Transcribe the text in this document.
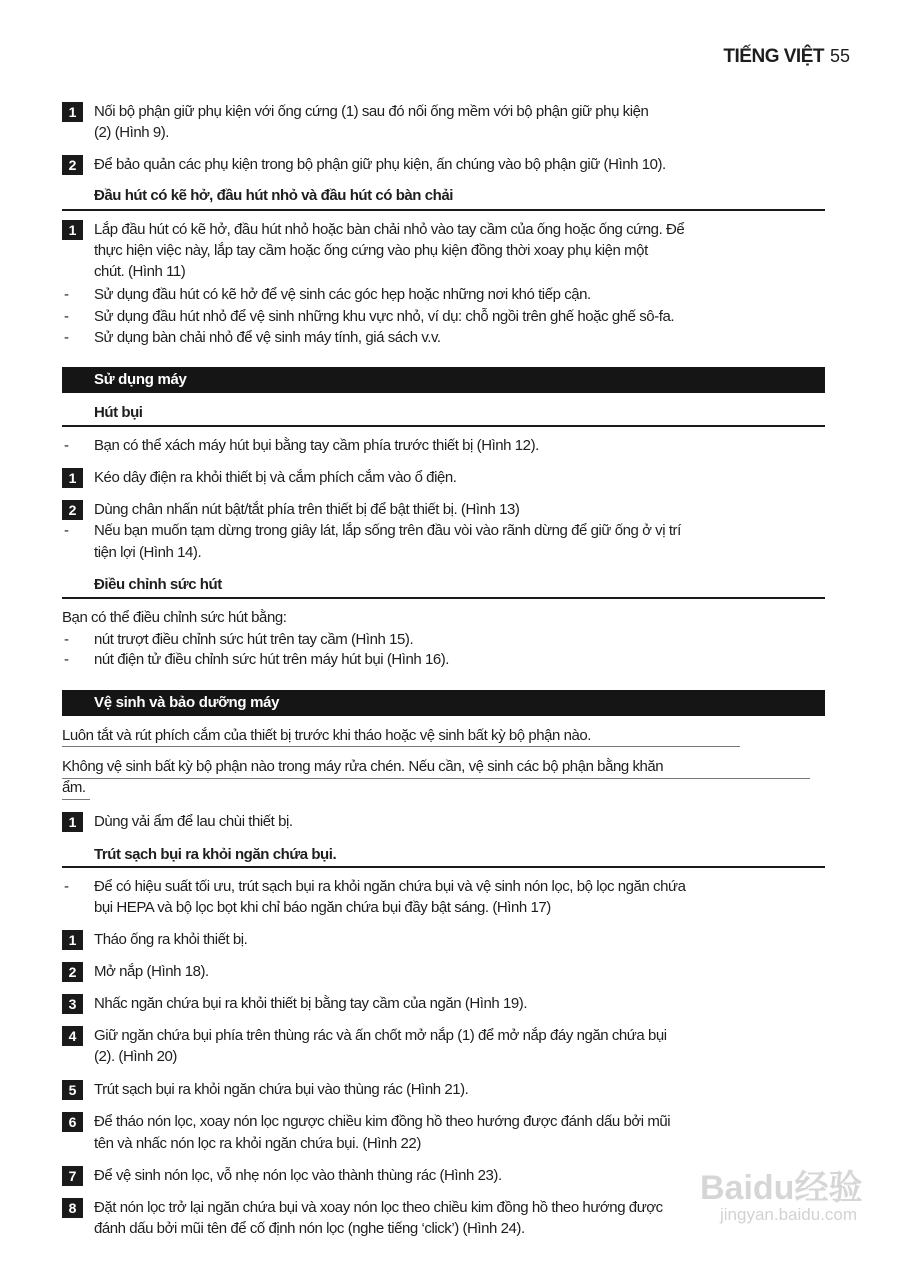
TIẾNG VIỆT 55
1	Nối bộ phận giữ phụ kiện với ống cứng (1) sau đó nối ống mềm với bộ phận giữ phụ kiện
(2) (Hình 9).
2	Để bảo quản các phụ kiện trong bộ phận giữ phụ kiện, ấn chúng vào bộ phận giữ (Hình 10).
Đầu hút có kẽ hở, đầu hút nhỏ và đầu hút có bàn chải
1	Lắp đầu hút có kẽ hở, đầu hút nhỏ hoặc bàn chải nhỏ vào tay cầm của ống hoặc ống cứng. Để
thực hiện việc này, lắp tay cầm hoặc ống cứng vào phụ kiện đồng thời xoay phụ kiện một
chút. (Hình 11)
- Sử dụng đầu hút có kẽ hở để vệ sinh các góc hẹp hoặc những nơi khó tiếp cận.
- Sử dụng đầu hút nhỏ để vệ sinh những khu vực nhỏ, ví dụ: chỗ ngồi trên ghế hoặc ghế sô-fa.
- Sử dụng bàn chải nhỏ để vệ sinh máy tính, giá sách v.v.
Sử dụng máy
Hút bụi
- Bạn có thể xách máy hút bụi bằng tay cầm phía trước thiết bị (Hình 12).
1	Kéo dây điện ra khỏi thiết bị và cắm phích cắm vào ổ điện.
2	Dùng chân nhấn nút bật/tắt phía trên thiết bị để bật thiết bị. (Hình 13)
- Nếu bạn muốn tạm dừng trong giây lát, lắp sống trên đầu vòi vào rãnh dừng để giữ ống ở vị trí
tiện lợi (Hình 14).
Điều chỉnh sức hút
Bạn có thể điều chỉnh sức hút bằng:
- nút trượt điều chỉnh sức hút trên tay cầm (Hình 15).
- nút điện tử điều chỉnh sức hút trên máy hút bụi (Hình 16).
Vệ sinh và bảo dưỡng máy
Luôn tắt và rút phích cắm của thiết bị trước khi tháo hoặc vệ sinh bất kỳ bộ phận nào.
Không vệ sinh bất kỳ bộ phận nào trong máy rửa chén. Nếu cần, vệ sinh các bộ phận bằng khăn
ẩm.
1	Dùng vải ẩm để lau chùi thiết bị.
Trút sạch bụi ra khỏi ngăn chứa bụi.
- Để có hiệu suất tối ưu, trút sạch bụi ra khỏi ngăn chứa bụi và vệ sinh nón lọc, bộ lọc ngăn chứa
bụi HEPA và bộ lọc bọt khi chỉ báo ngăn chứa bụi đầy bật sáng. (Hình 17)
1	Tháo ống ra khỏi thiết bị.
2	Mở nắp (Hình 18).
3	Nhấc ngăn chứa bụi ra khỏi thiết bị bằng tay cầm của ngăn (Hình 19).
4	Giữ ngăn chứa bụi phía trên thùng rác và ấn chốt mở nắp (1) để mở nắp đáy ngăn chứa bụi
(2). (Hình 20)
5	Trút sạch bụi ra khỏi ngăn chứa bụi vào thùng rác (Hình 21).
6	Để tháo nón lọc, xoay nón lọc ngược chiều kim đồng hồ theo hướng được đánh dấu bởi mũi
tên và nhấc nón lọc ra khỏi ngăn chứa bụi. (Hình 22)
7	Để vệ sinh nón lọc, vỗ nhẹ nón lọc vào thành thùng rác (Hình 23).
8	Đặt nón lọc trở lại ngăn chứa bụi và xoay nón lọc theo chiều kim đồng hồ theo hướng được
đánh dấu bởi mũi tên để cố định nón lọc (nghe tiếng ‘click’) (Hình 24).
Baidu经验
jingyan.baidu.com
